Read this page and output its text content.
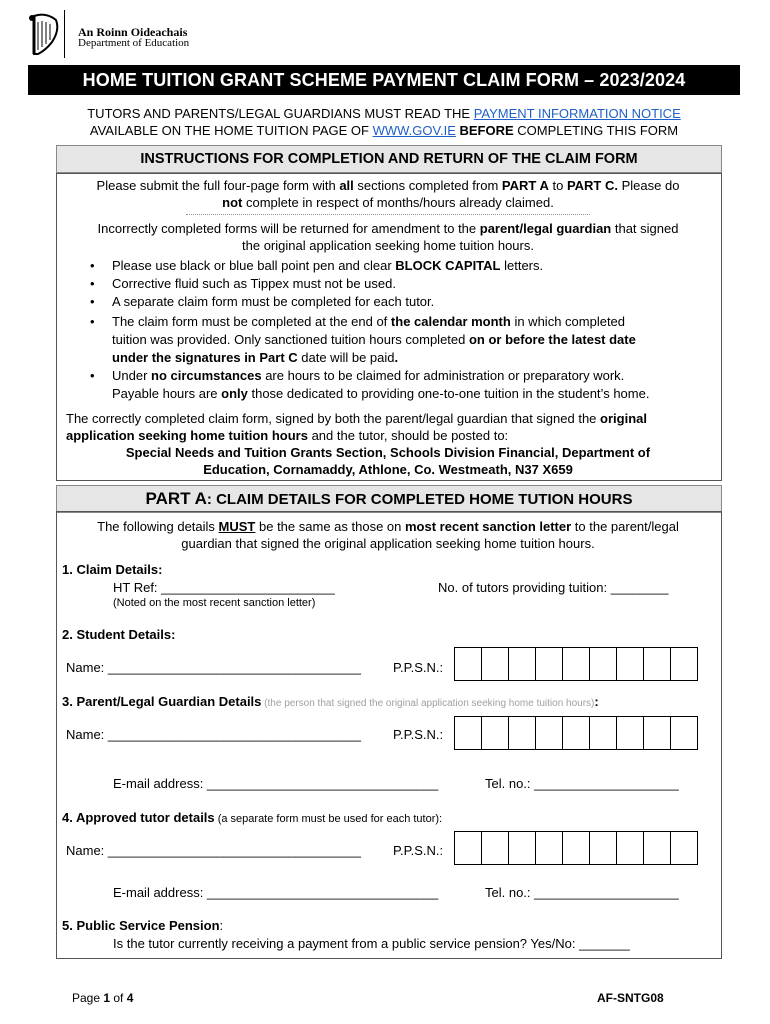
An Roinn Oideachais
Department of Education
HOME TUITION GRANT SCHEME PAYMENT CLAIM FORM – 2023/2024
TUTORS AND PARENTS/LEGAL GUARDIANS MUST READ THE PAYMENT INFORMATION NOTICE
AVAILABLE ON THE HOME TUITION PAGE OF WWW.GOV.IE BEFORE COMPLETING THIS FORM
INSTRUCTIONS FOR COMPLETION AND RETURN OF THE CLAIM FORM
Please submit the full four-page form with all sections completed from PART A to PART C. Please do
not complete in respect of months/hours already claimed.
Incorrectly completed forms will be returned for amendment to the parent/legal guardian that signed
the original application seeking home tuition hours.
• Please use black or blue ball point pen and clear BLOCK CAPITAL letters.
• Corrective fluid such as Tippex must not be used.
• A separate claim form must be completed for each tutor.
• The claim form must be completed at the end of the calendar month in which completed
tuition was provided. Only sanctioned tuition hours completed on or before the latest date
under the signatures in Part C date will be paid.
• Under no circumstances are hours to be claimed for administration or preparatory work.
Payable hours are only those dedicated to providing one-to-one tuition in the student’s home.
The correctly completed claim form, signed by both the parent/legal guardian that signed the original
application seeking home tuition hours and the tutor, should be posted to:
Special Needs and Tuition Grants Section, Schools Division Financial, Department of
Education, Cornamaddy, Athlone, Co. Westmeath, N37 X659
PART A: CLAIM DETAILS FOR COMPLETED HOME TUTION HOURS
The following details MUST be the same as those on most recent sanction letter to the parent/legal
guardian that signed the original application seeking home tuition hours.
1. Claim Details:
HT Ref: ________________________	No. of tutors providing tuition: ________
(Noted on the most recent sanction letter)
2. Student Details:
Name: ___________________________________ P.P.S.N.:
3. Parent/Legal Guardian Details (the person that signed the original application seeking home tuition hours):
Name: ___________________________________ P.P.S.N.:
E-mail address: ________________________________	Tel. no.: ____________________
4. Approved tutor details (a separate form must be used for each tutor):
Name: ___________________________________ P.P.S.N.:
E-mail address: ________________________________	Tel. no.: ____________________
5. Public Service Pension:
Is the tutor currently receiving a payment from a public service pension? Yes/No: _______
Page 1 of 4	AF-SNTG08
